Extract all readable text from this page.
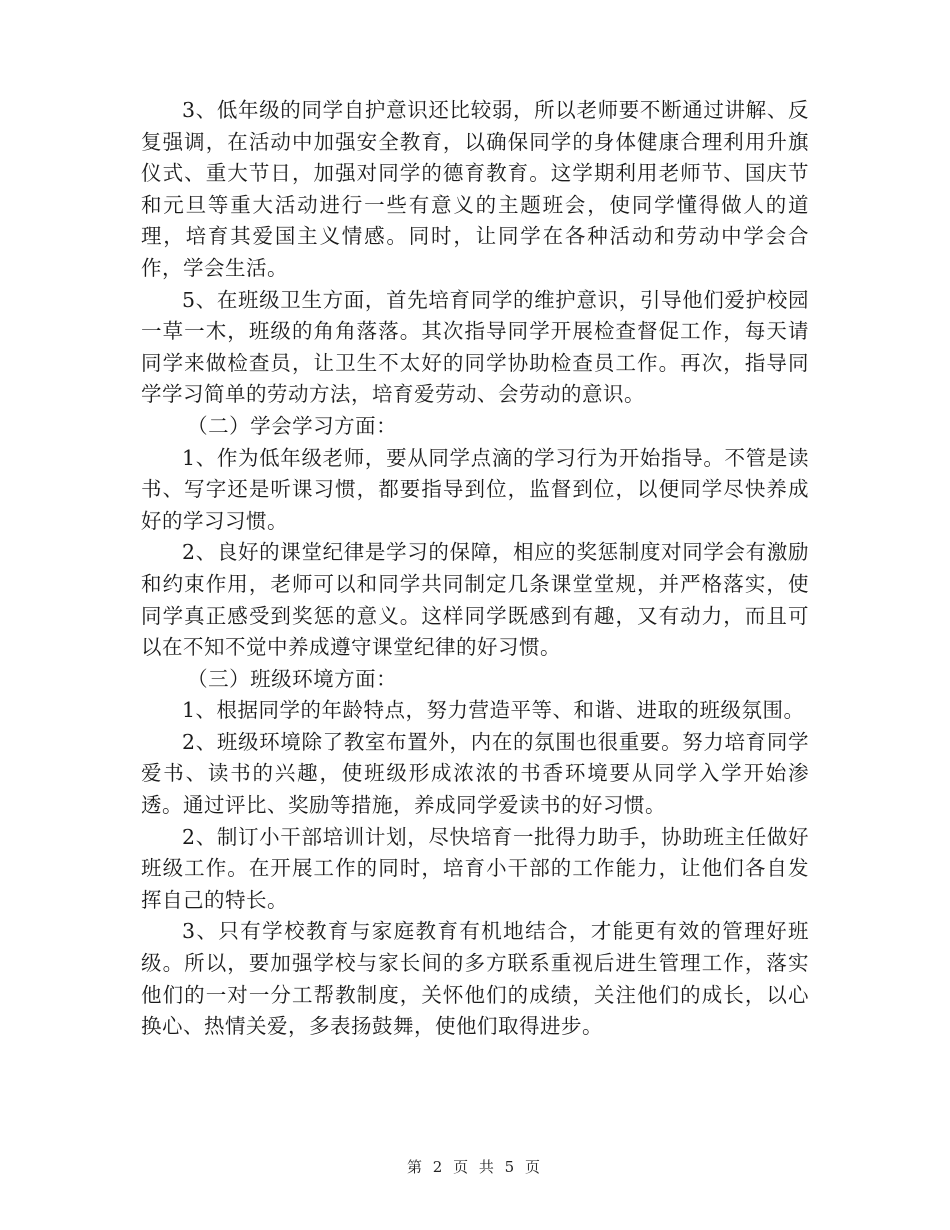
3、低年级的同学自护意识还比较弱，所以老师要不断通过讲解、反复强调，在活动中加强安全教育，以确保同学的身体健康合理利用升旗仪式、重大节日，加强对同学的德育教育。这学期利用老师节、国庆节和元旦等重大活动进行一些有意义的主题班会，使同学懂得做人的道理，培育其爱国主义情感。同时，让同学在各种活动和劳动中学会合作，学会生活。

5、在班级卫生方面，首先培育同学的维护意识，引导他们爱护校园一草一木，班级的角角落落。其次指导同学开展检查督促工作，每天请同学来做检查员，让卫生不太好的同学协助检查员工作。再次，指导同学学习简单的劳动方法，培育爱劳动、会劳动的意识。

（二）学会学习方面：

1、作为低年级老师，要从同学点滴的学习行为开始指导。不管是读书、写字还是听课习惯，都要指导到位，监督到位，以便同学尽快养成好的学习习惯。

2、良好的课堂纪律是学习的保障，相应的奖惩制度对同学会有激励和约束作用，老师可以和同学共同制定几条课堂堂规，并严格落实，使同学真正感受到奖惩的意义。这样同学既感到有趣，又有动力，而且可以在不知不觉中养成遵守课堂纪律的好习惯。

（三）班级环境方面：

1、根据同学的年龄特点，努力营造平等、和谐、进取的班级氛围。

2、班级环境除了教室布置外，内在的氛围也很重要。努力培育同学爱书、读书的兴趣，使班级形成浓浓的书香环境要从同学入学开始渗透。通过评比、奖励等措施，养成同学爱读书的好习惯。

2、制订小干部培训计划，尽快培育一批得力助手，协助班主任做好班级工作。在开展工作的同时，培育小干部的工作能力，让他们各自发挥自己的特长。

3、只有学校教育与家庭教育有机地结合，才能更有效的管理好班级。所以，要加强学校与家长间的多方联系重视后进生管理工作，落实他们的一对一分工帮教制度，关怀他们的成绩，关注他们的成长，以心换心、热情关爱，多表扬鼓舞，使他们取得进步。

第 2 页 共 5 页
